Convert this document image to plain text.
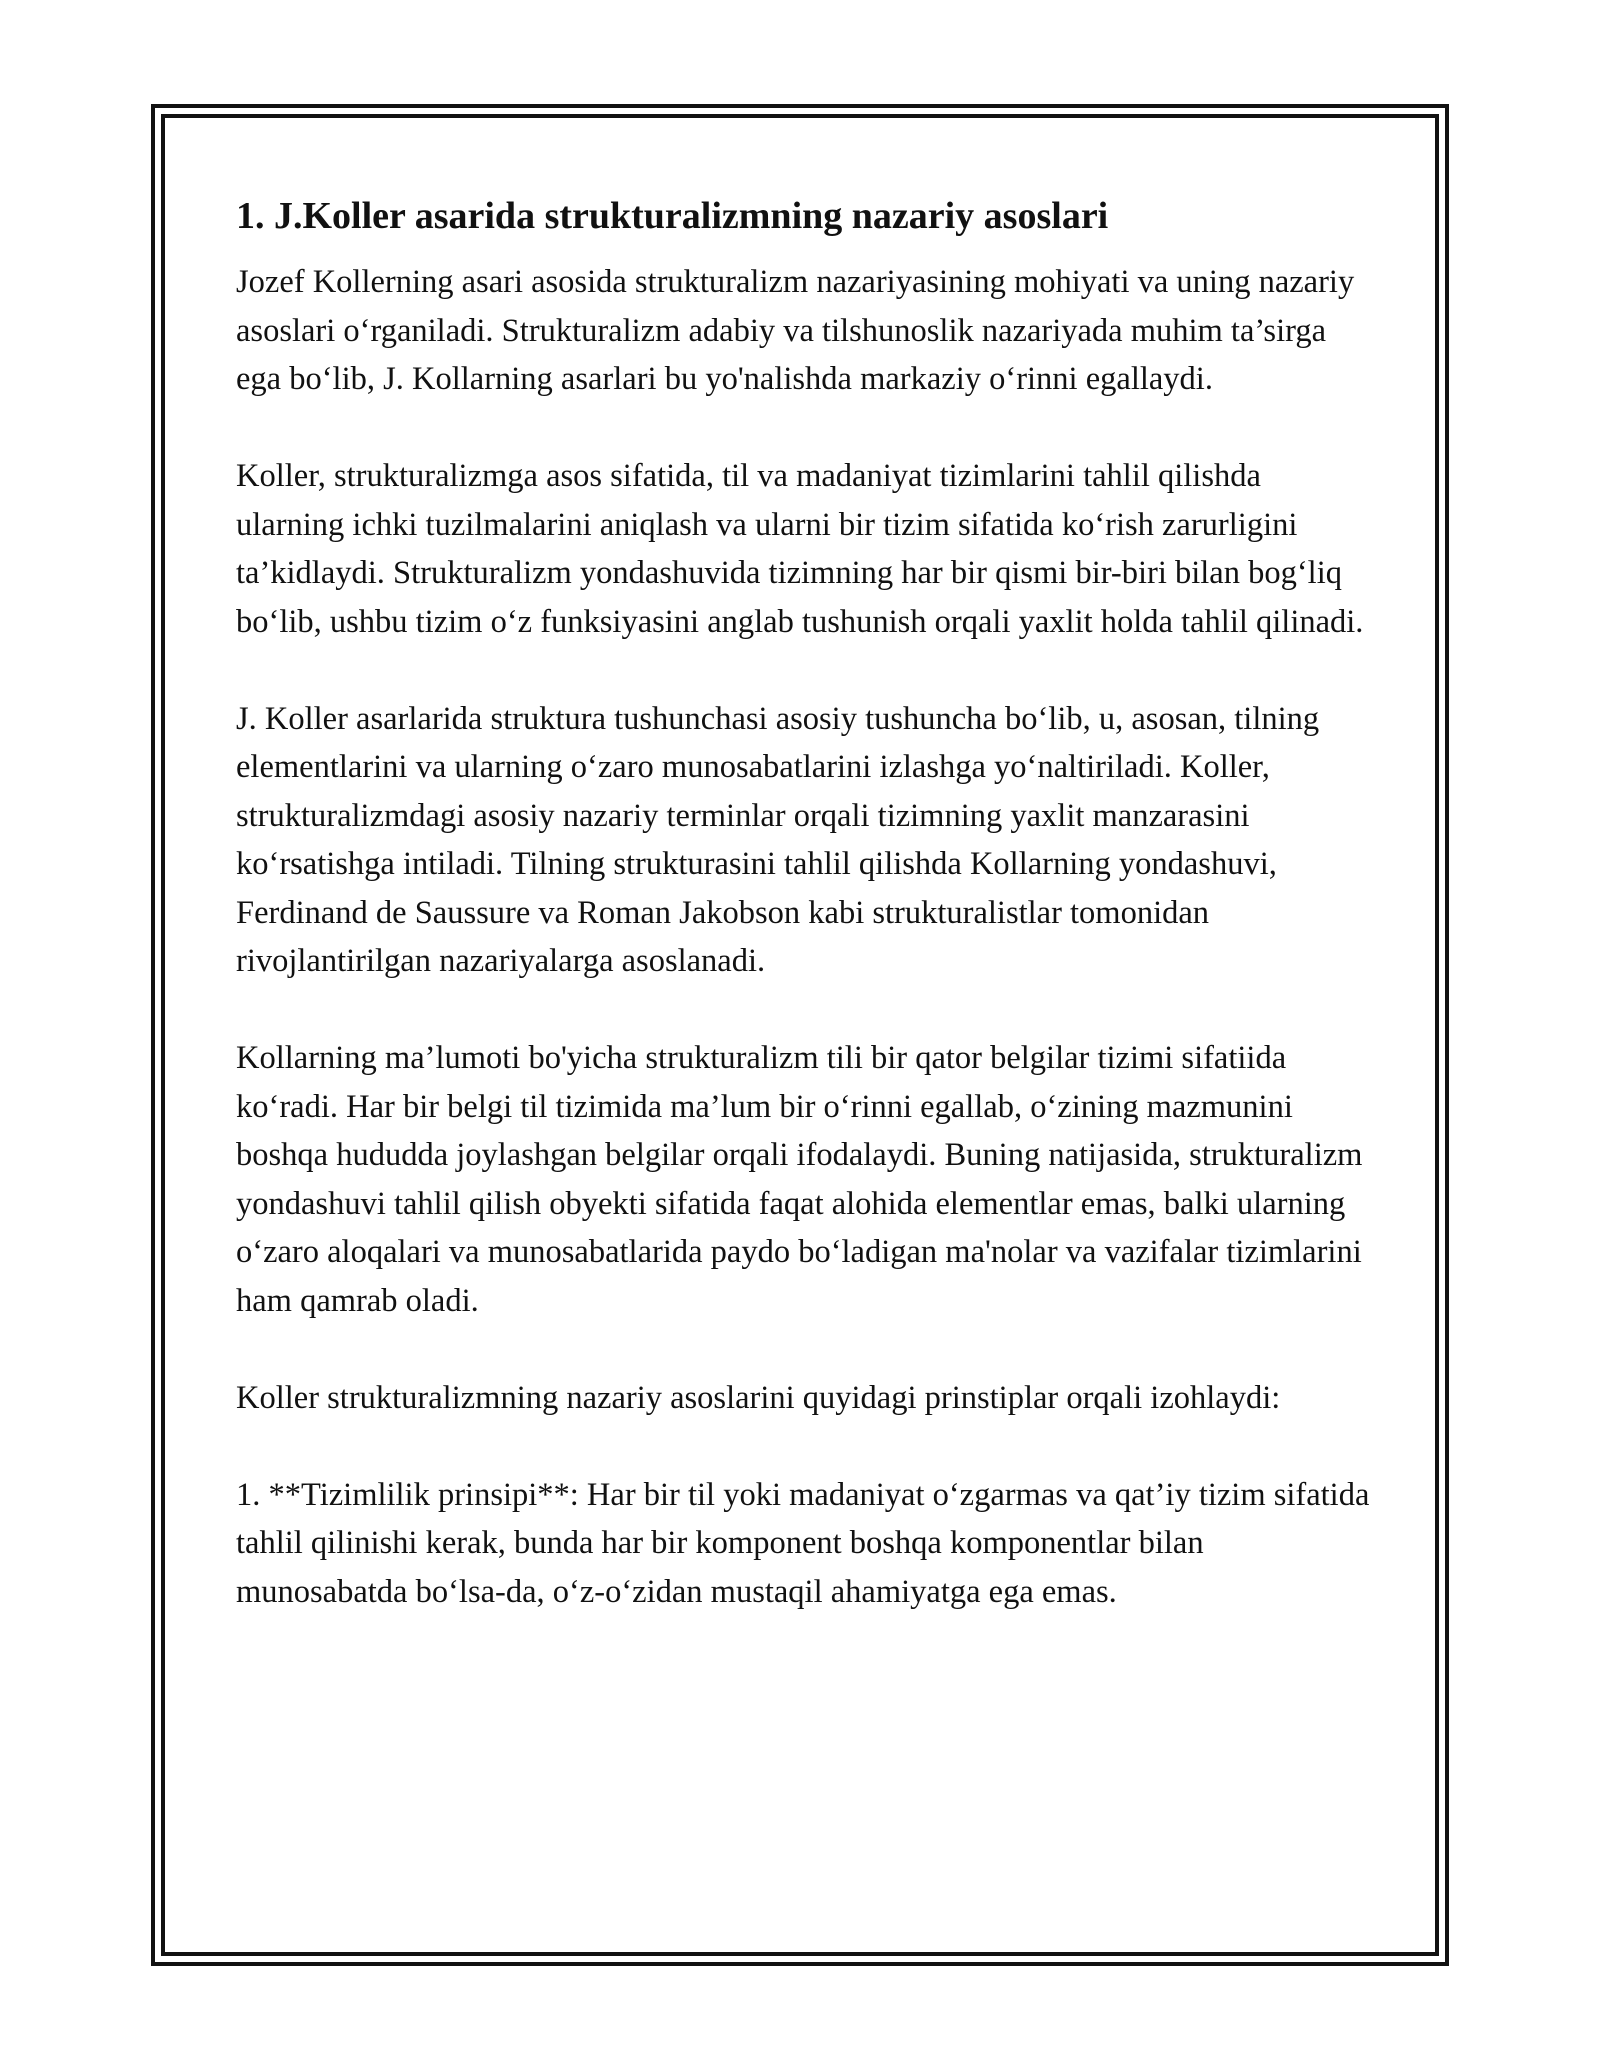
1. J.Koller asarida strukturalizmning nazariy asoslari

Jozef Kollerning asari asosida strukturalizm nazariyasining mohiyati va uning nazariy asoslari o‘rganiladi. Strukturalizm adabiy va tilshunoslik nazariyada muhim ta’sirga ega bo‘lib, J. Kollarning asarlari bu yo'nalishda markaziy o‘rinni egallaydi.

Koller, strukturalizmga asos sifatida, til va madaniyat tizimlarini tahlil qilishda ularning ichki tuzilmalarini aniqlash va ularni bir tizim sifatida ko‘rish zarurligini ta’kidlaydi. Strukturalizm yondashuvida tizimning har bir qismi bir-biri bilan bog‘liq bo‘lib, ushbu tizim o‘z funksiyasini anglab tushunish orqali yaxlit holda tahlil qilinadi.

J. Koller asarlarida struktura tushunchasi asosiy tushuncha bo‘lib, u, asosan, tilning elementlarini va ularning o‘zaro munosabatlarini izlashga yo‘naltiriladi. Koller, strukturalizmdagi asosiy nazariy terminlar orqali tizimning yaxlit manzarasini ko‘rsatishga intiladi. Tilning strukturasini tahlil qilishda Kollarning yondashuvi, Ferdinand de Saussure va Roman Jakobson kabi strukturalistlar tomonidan rivojlantirilgan nazariyalarga asoslanadi.

Kollarning ma’lumoti bo'yicha strukturalizm tili bir qator belgilar tizimi sifatiida ko‘radi. Har bir belgi til tizimida ma’lum bir o‘rinni egallab, o‘zining mazmunini boshqa hududda joylashgan belgilar orqali ifodalaydi. Buning natijasida, strukturalizm yondashuvi tahlil qilish obyekti sifatida faqat alohida elementlar emas, balki ularning o‘zaro aloqalari va munosabatlarida paydo bo‘ladigan ma'nolar va vazifalar tizimlarini ham qamrab oladi.

Koller strukturalizmning nazariy asoslarini quyidagi prinstiplar orqali izohlaydi:

1. **Tizimlilik prinsipi**: Har bir til yoki madaniyat o‘zgarmas va qat’iy tizim sifatida tahlil qilinishi kerak, bunda har bir komponent boshqa komponentlar bilan munosabatda bo‘lsa-da, o‘z-o‘zidan mustaqil ahamiyatga ega emas.
